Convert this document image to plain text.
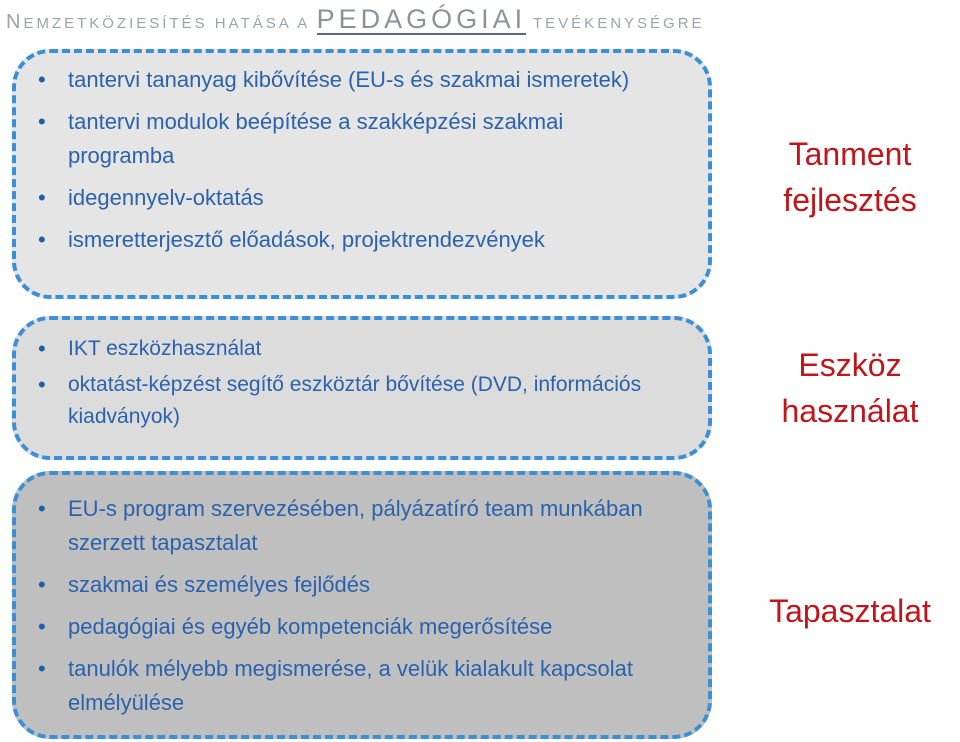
NEMZETKÖZIESÍTÉS HATÁSA A PEDAGÓGIAI TEVÉKENYSÉGRE
• tantervi tananyag kibővítése (EU-s és szakmai ismeretek)
• tantervi modulok beépítése a szakképzési szakmai programba
• idegennyelv-oktatás
• ismeretterjesztő előadások, projektrendezvények
Tanment fejlesztés
• IKT eszközhasználat
• oktatást-képzést segítő eszköztár bővítése (DVD, információs kiadványok)
Eszköz használat
• EU-s program szervezésében, pályázatíró team munkában szerzett tapasztalat
• szakmai és személyes fejlődés
• pedagógiai és egyéb kompetenciák megerősítése
• tanulók mélyebb megismerése, a velük kialakult kapcsolat elmélyülése
Tapasztalat
